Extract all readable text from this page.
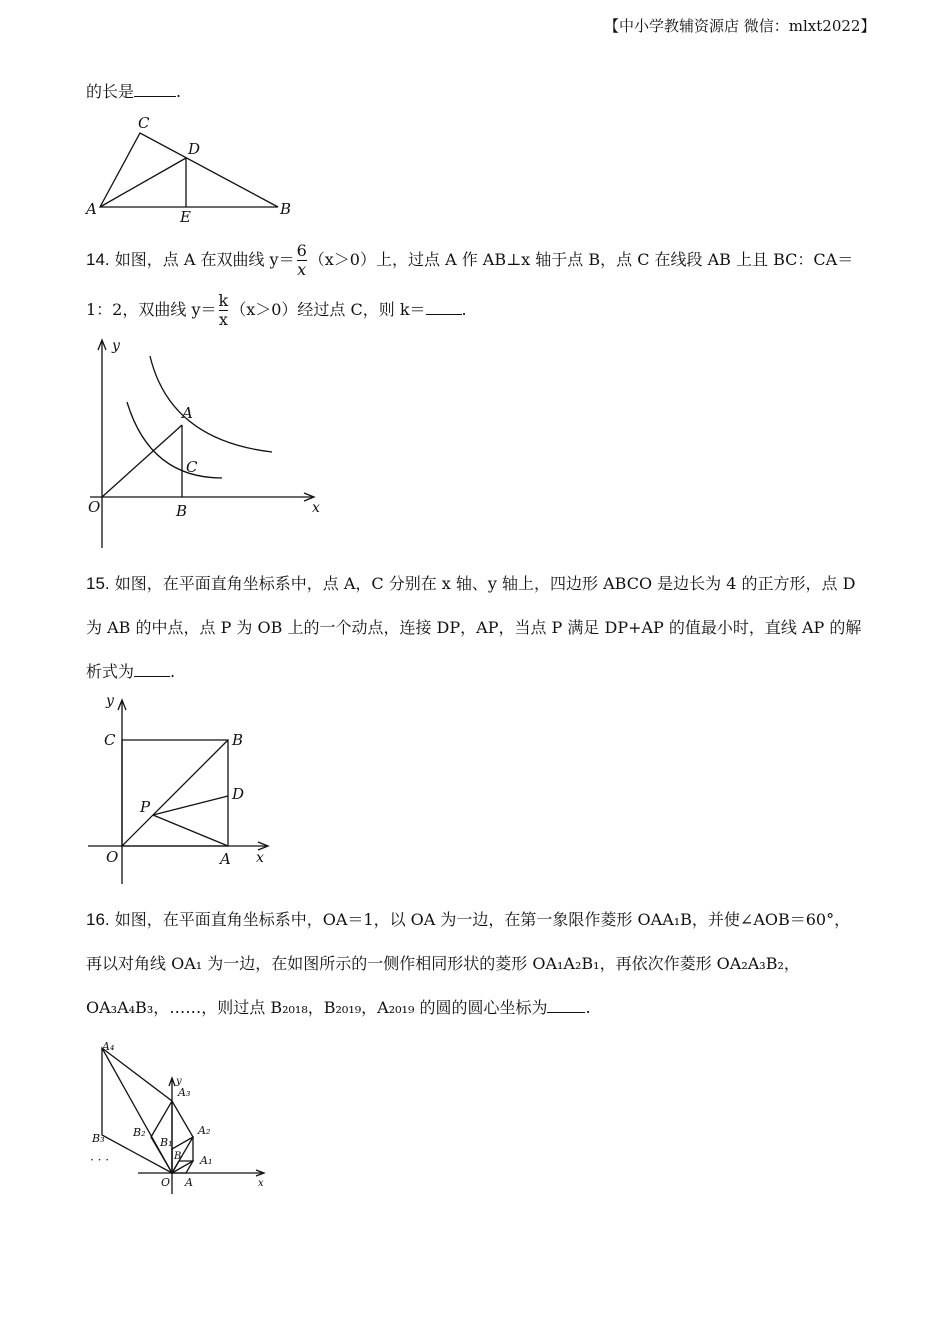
【中小学教辅资源店 微信：mlxt2022】
的长是	.
C
D
A	E	B
14. 如图，点 A 在双曲线 $y= \frac{6}{x} (x>0)$上，过点 A 作 AB⊥x 轴于点 B，点 C 在线段 AB 上且 BC：CA＝
1：2，双曲线 $y= \frac{k}{x} (x>0)$经过点 C，则 k＝ .
y
A
C
O	B	x
15. 如图，在平面直角坐标系中，点 A，C 分别在 x 轴、y 轴上，四边形 ABCO 是边长为 4 的正方形，点 D
为 AB 的中点，点 P 为 OB 上的一个动点，连接 DP，AP，当点 P 满足 DP+AP 的值最小时，直线 AP 的解
析式为 .
y
C	B
D
P
O	A x
16. 如图，在平面直角坐标系中，OA＝1，以 OA 为一边，在第一象限作菱形 OAA₁B，并使∠AOB＝60°，
再以对角线 OA₁ 为一边，在如图所示的一侧作相同形状的菱形 OA₁A₂B₁，再依次作菱形 OA₂A₃B₂，
OA₃A₄B₃，……，则过点 B₂₀₁₈，B₂₀₁₉，A₂₀₁₉ 的圆的圆心坐标为 .
A₄
y
A₃
A₂
B₂
B₁
B A₁
B₃
· · ·
O A	x
